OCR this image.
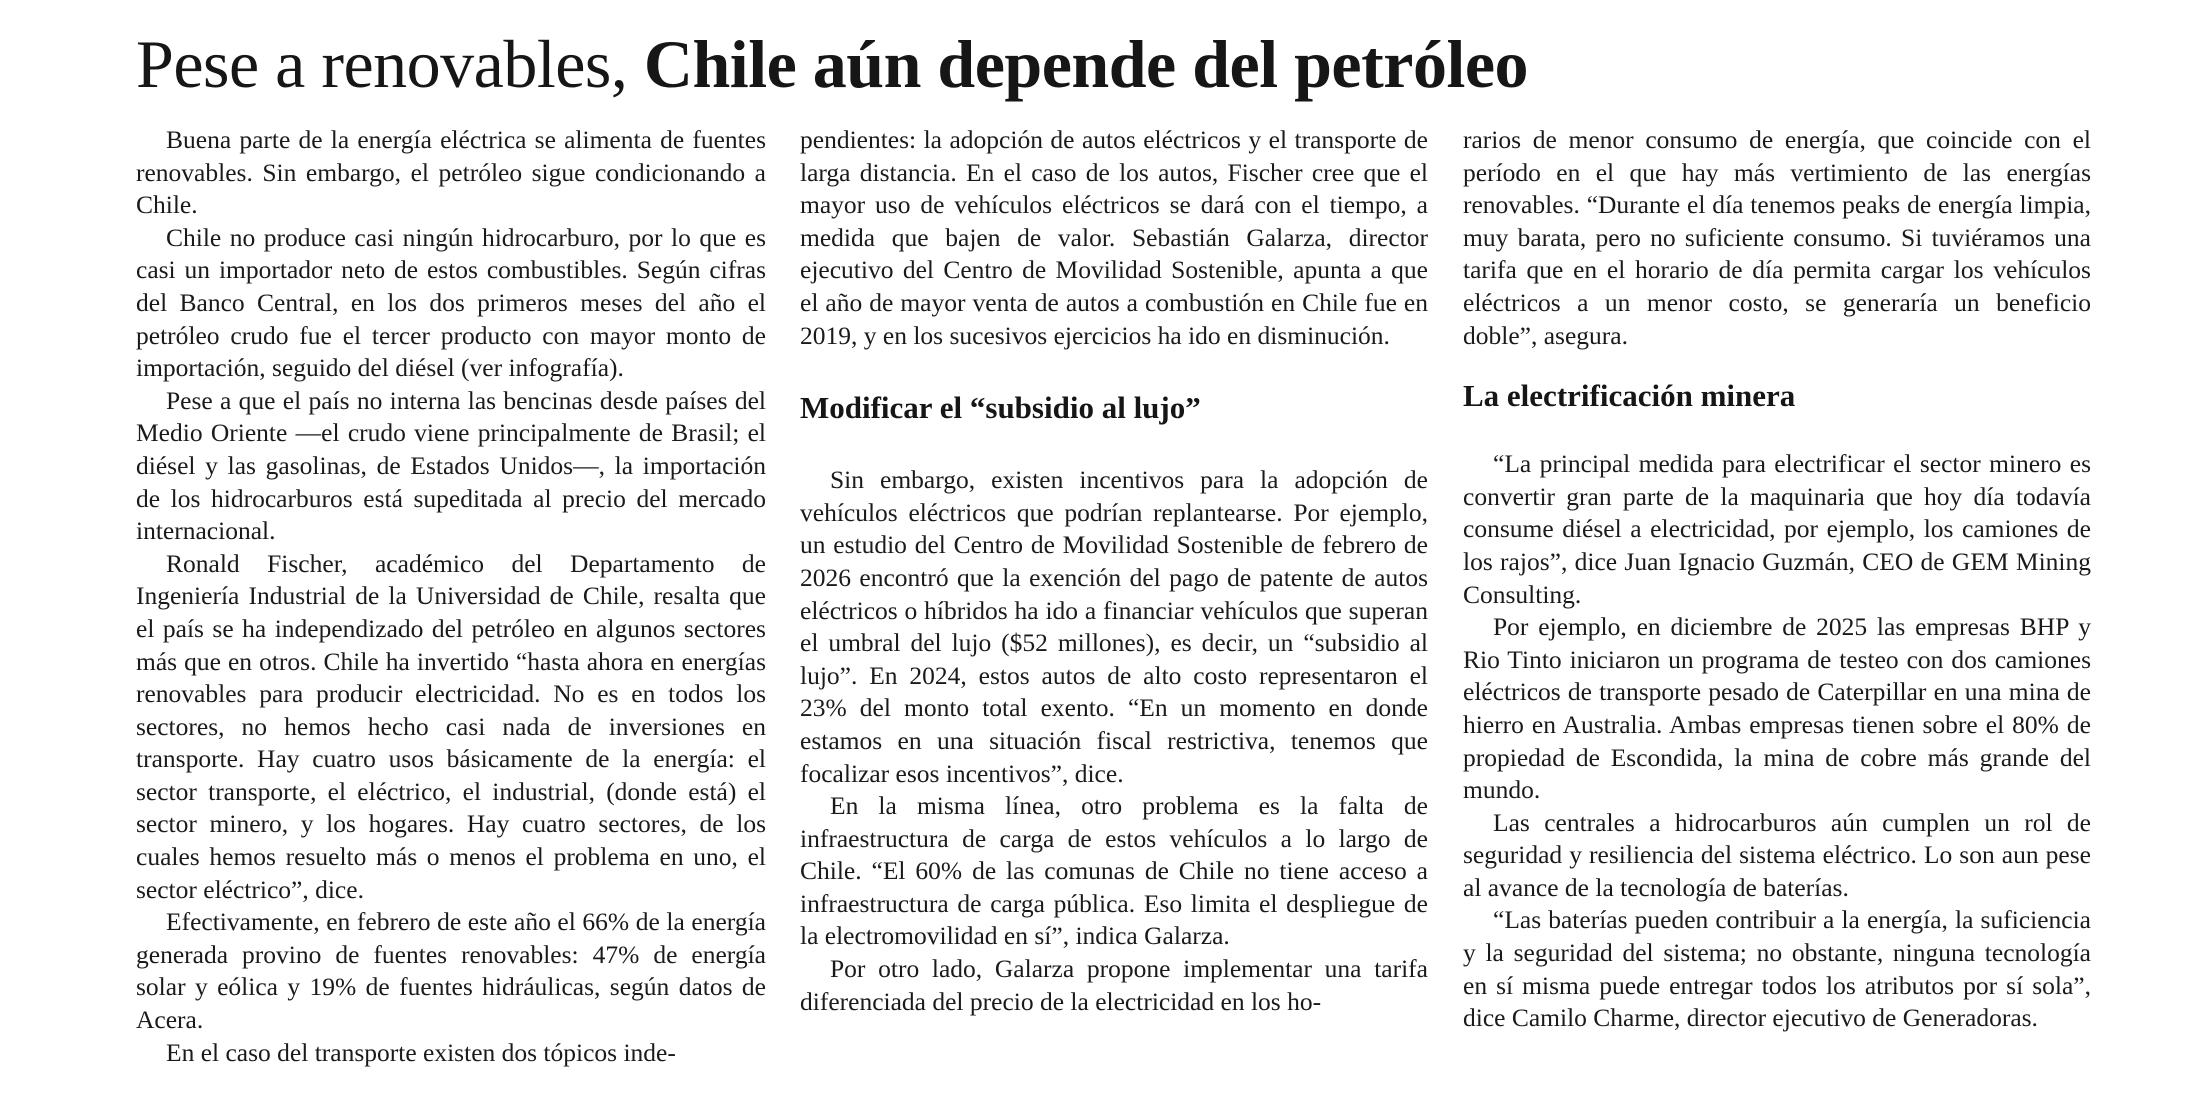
Pese a renovables, Chile aún depende del petróleo

Buena parte de la energía eléctrica se alimenta de fuentes renovables. Sin embargo, el petróleo sigue condicionando a Chile.

Chile no produce casi ningún hidrocarburo, por lo que es casi un importador neto de estos combustibles. Según cifras del Banco Central, en los dos primeros meses del año el petróleo crudo fue el tercer producto con mayor monto de importación, seguido del diésel (ver infografía).

Pese a que el país no interna las bencinas desde países del Medio Oriente —el crudo viene principalmente de Brasil; el diésel y las gasolinas, de Estados Unidos—, la importación de los hidrocarburos está supeditada al precio del mercado internacional.

Ronald Fischer, académico del Departamento de Ingeniería Industrial de la Universidad de Chile, resalta que el país se ha independizado del petróleo en algunos sectores más que en otros. Chile ha invertido “hasta ahora en energías renovables para producir electricidad. No es en todos los sectores, no hemos hecho casi nada de inversiones en transporte. Hay cuatro usos básicamente de la energía: el sector transporte, el eléctrico, el industrial, (donde está) el sector minero, y los hogares. Hay cuatro sectores, de los cuales hemos resuelto más o menos el problema en uno, el sector eléctrico”, dice.

Efectivamente, en febrero de este año el 66% de la energía generada provino de fuentes renovables: 47% de energía solar y eólica y 19% de fuentes hidráulicas, según datos de Acera.

En el caso del transporte existen dos tópicos inde-

pendientes: la adopción de autos eléctricos y el transporte de larga distancia. En el caso de los autos, Fischer cree que el mayor uso de vehículos eléctricos se dará con el tiempo, a medida que bajen de valor. Sebastián Galarza, director ejecutivo del Centro de Movilidad Sostenible, apunta a que el año de mayor venta de autos a combustión en Chile fue en 2019, y en los sucesivos ejercicios ha ido en disminución.

Modificar el “subsidio al lujo”

Sin embargo, existen incentivos para la adopción de vehículos eléctricos que podrían replantearse. Por ejemplo, un estudio del Centro de Movilidad Sostenible de febrero de 2026 encontró que la exención del pago de patente de autos eléctricos o híbridos ha ido a financiar vehículos que superan el umbral del lujo ($52 millones), es decir, un “subsidio al lujo”. En 2024, estos autos de alto costo representaron el 23% del monto total exento. “En un momento en donde estamos en una situación fiscal restrictiva, tenemos que focalizar esos incentivos”, dice.

En la misma línea, otro problema es la falta de infraestructura de carga de estos vehículos a lo largo de Chile. “El 60% de las comunas de Chile no tiene acceso a infraestructura de carga pública. Eso limita el despliegue de la electromovilidad en sí”, indica Galarza.

Por otro lado, Galarza propone implementar una tarifa diferenciada del precio de la electricidad en los ho-

rarios de menor consumo de energía, que coincide con el período en el que hay más vertimiento de las energías renovables. “Durante el día tenemos peaks de energía limpia, muy barata, pero no suficiente consumo. Si tuviéramos una tarifa que en el horario de día permita cargar los vehículos eléctricos a un menor costo, se generaría un beneficio doble”, asegura.

La electrificación minera

“La principal medida para electrificar el sector minero es convertir gran parte de la maquinaria que hoy día todavía consume diésel a electricidad, por ejemplo, los camiones de los rajos”, dice Juan Ignacio Guzmán, CEO de GEM Mining Consulting.

Por ejemplo, en diciembre de 2025 las empresas BHP y Rio Tinto iniciaron un programa de testeo con dos camiones eléctricos de transporte pesado de Caterpillar en una mina de hierro en Australia. Ambas empresas tienen sobre el 80% de propiedad de Escondida, la mina de cobre más grande del mundo.

Las centrales a hidrocarburos aún cumplen un rol de seguridad y resiliencia del sistema eléctrico. Lo son aun pese al avance de la tecnología de baterías.

“Las baterías pueden contribuir a la energía, la suficiencia y la seguridad del sistema; no obstante, ninguna tecnología en sí misma puede entregar todos los atributos por sí sola”, dice Camilo Charme, director ejecutivo de Generadoras.
